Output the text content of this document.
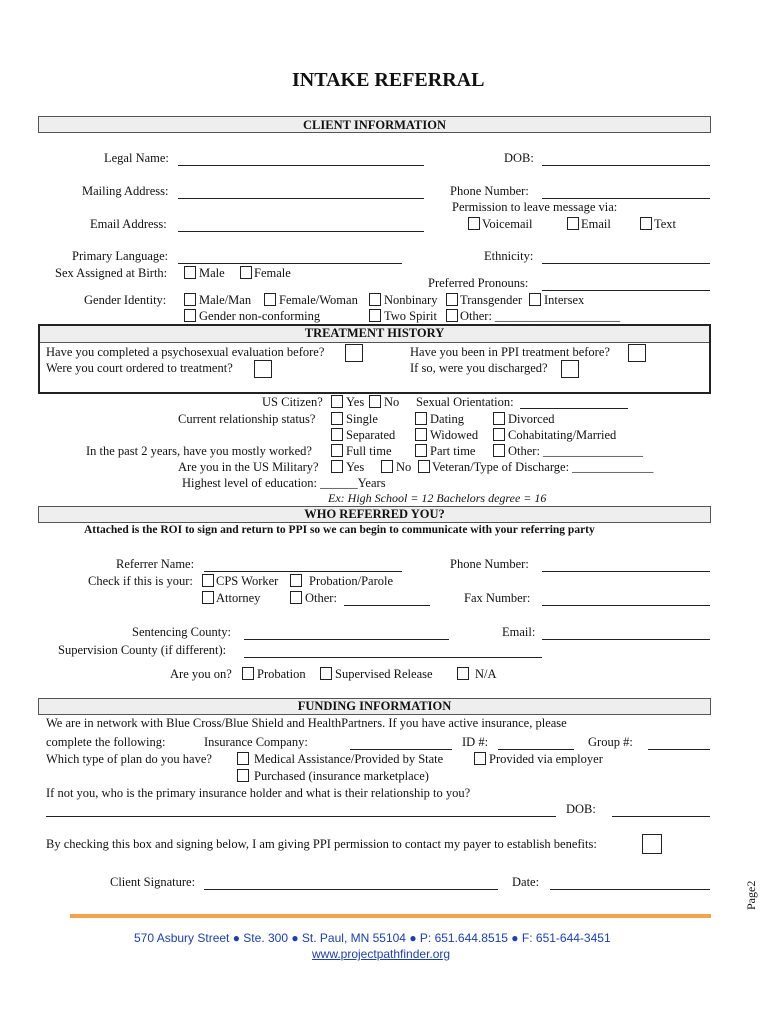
INTAKE REFERRAL
CLIENT INFORMATION
Legal Name:	DOB:
Mailing Address:	Phone Number:
Permission to leave message via:
Voicemail	Email	Text
Email Address:
Primary Language:	Ethnicity:
Sex Assigned at Birth:	Male Female
Preferred Pronouns:
Gender Identity:	Male/Man Female/Woman Nonbinary Transgender Intersex
Gender non-conforming	Two Spirit Other: ____________________
TREATMENT HISTORY
Have you completed a psychosexual evaluation before?
Were you court ordered to treatment?
Have you been in PPI treatment before?
If so, were you discharged?
US Citizen? Yes No Sexual Orientation:
Current relationship status? Single	Dating	Divorced
Separated	Widowed Cohabitating/Married
In the past 2 years, have you mostly worked?	Full time	Part time	Other: ________________
Are you in the US Military? Yes	No Veteran/Type of Discharge: _____________
Highest level of education: ______Years
Ex: High School = 12 Bachelors degree = 16
WHO REFERRED YOU?
Attached is the ROI to sign and return to PPI so we can begin to communicate with your referring party
Referrer Name:	Phone Number:
Check if this is your: CPS Worker Probation/Parole
Attorney	Other:	Fax Number:
Sentencing County:	Email:
Supervision County (if different):
Are you on? Probation Supervised Release	N/A
FUNDING INFORMATION
We are in network with Blue Cross/Blue Shield and HealthPartners. If you have active insurance, please
complete the following:	Insurance Company:	ID #:	Group #:
Which type of plan do you have?	Medical Assistance/Provided by State	Provided via employer
Purchased (insurance marketplace)
If not you, who is the primary insurance holder and what is their relationship to you?
DOB:
By checking this box and signing below, I am giving PPI permission to contact my payer to establish benefits:
Client Signature:	Date:	Page2
570 Asbury Street ● Ste. 300 ● St. Paul, MN 55104 ● P: 651.644.8515 ● F: 651-644-3451
www.projectpathfinder.org
